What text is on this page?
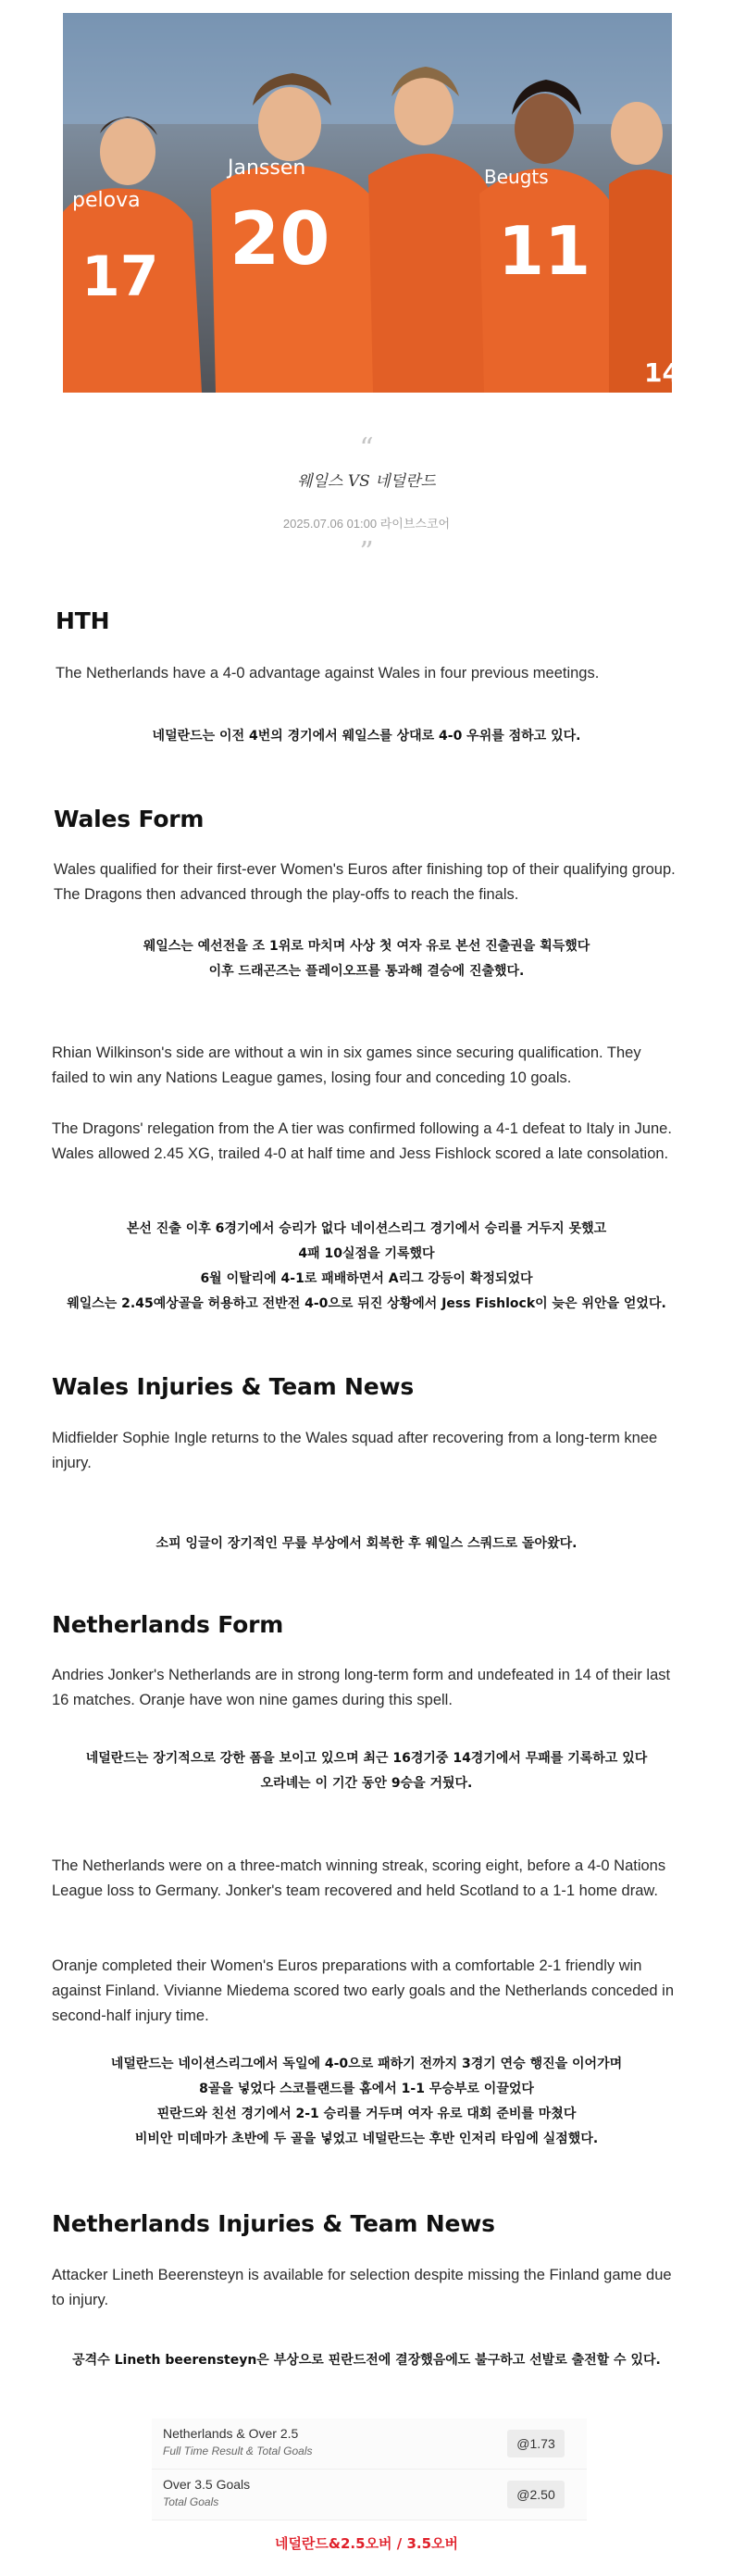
pelova
17
Janssen
20
Beugts
11
14
“
웨일스 VS 네덜란드
2025.07.06 01:00 라이브스코어
”
HTH

The Netherlands have a 4-0 advantage against Wales in four previous meetings.

네덜란드는 이전 4번의 경기에서 웨일스를 상대로 4-0 우위를 점하고 있다.
Wales Form

Wales qualified for their first-ever Women's Euros after finishing top of their qualifying group. The Dragons then advanced through the play-offs to reach the finals.

웨일스는 예선전을 조 1위로 마치며 사상 첫 여자 유로 본선 진출권을 획득했다
이후 드래곤즈는 플레이오프를 통과해 결승에 진출했다.

Rhian Wilkinson's side are without a win in six games since securing qualification. They failed to win any Nations League games, losing four and conceding 10 goals.

The Dragons' relegation from the A tier was confirmed following a 4-1 defeat to Italy in June. Wales allowed 2.45 XG, trailed 4-0 at half time and Jess Fishlock scored a late consolation.

본선 진출 이후 6경기에서 승리가 없다 네이션스리그 경기에서 승리를 거두지 못했고
4패 10실점을 기록했다
6월 이탈리에 4-1로 패배하면서 A리그 강등이 확정되었다
웨일스는 2.45예상골을 허용하고 전반전 4-0으로 뒤진 상황에서 Jess Fishlock이 늦은 위안을 얻었다.
Wales Injuries & Team News

Midfielder Sophie Ingle returns to the Wales squad after recovering from a long-term knee injury.

소피 잉글이 장기적인 무릎 부상에서 회복한 후 웨일스 스쿼드로 돌아왔다.
Netherlands Form

Andries Jonker's Netherlands are in strong long-term form and undefeated in 14 of their last 16 matches. Oranje have won nine games during this spell.

네덜란드는 장기적으로 강한 폼을 보이고 있으며 최근 16경기중 14경기에서 무패를 기록하고 있다
오라녜는 이 기간 동안 9승을 거뒀다.

The Netherlands were on a three-match winning streak, scoring eight, before a 4-0 Nations League loss to Germany. Jonker's team recovered and held Scotland to a 1-1 home draw.

Oranje completed their Women's Euros preparations with a comfortable 2-1 friendly win against Finland. Vivianne Miedema scored two early goals and the Netherlands conceded in second-half injury time.

네덜란드는 네이션스리그에서 독일에 4-0으로 패하기 전까지 3경기 연승 행진을 이어가며
8골을 넣었다 스코틀랜드를 홈에서 1-1 무승부로 이끌었다
핀란드와 친선 경기에서 2-1 승리를 거두며 여자 유로 대회 준비를 마쳤다
비비안 미데마가 초반에 두 골을 넣었고 네덜란드는 후반 인저리 타임에 실점했다.
Netherlands Injuries & Team News

Attacker Lineth Beerensteyn is available for selection despite missing the Finland game due to injury.

공격수 Lineth beerensteyn은 부상으로 핀란드전에 결장했음에도 불구하고 선발로 출전할 수 있다.
Netherlands & Over 2.5
Full Time Result & Total Goals	@1.73
Over 3.5 Goals
Total Goals	@2.50
네덜란드&2.5오버 / 3.5오버
